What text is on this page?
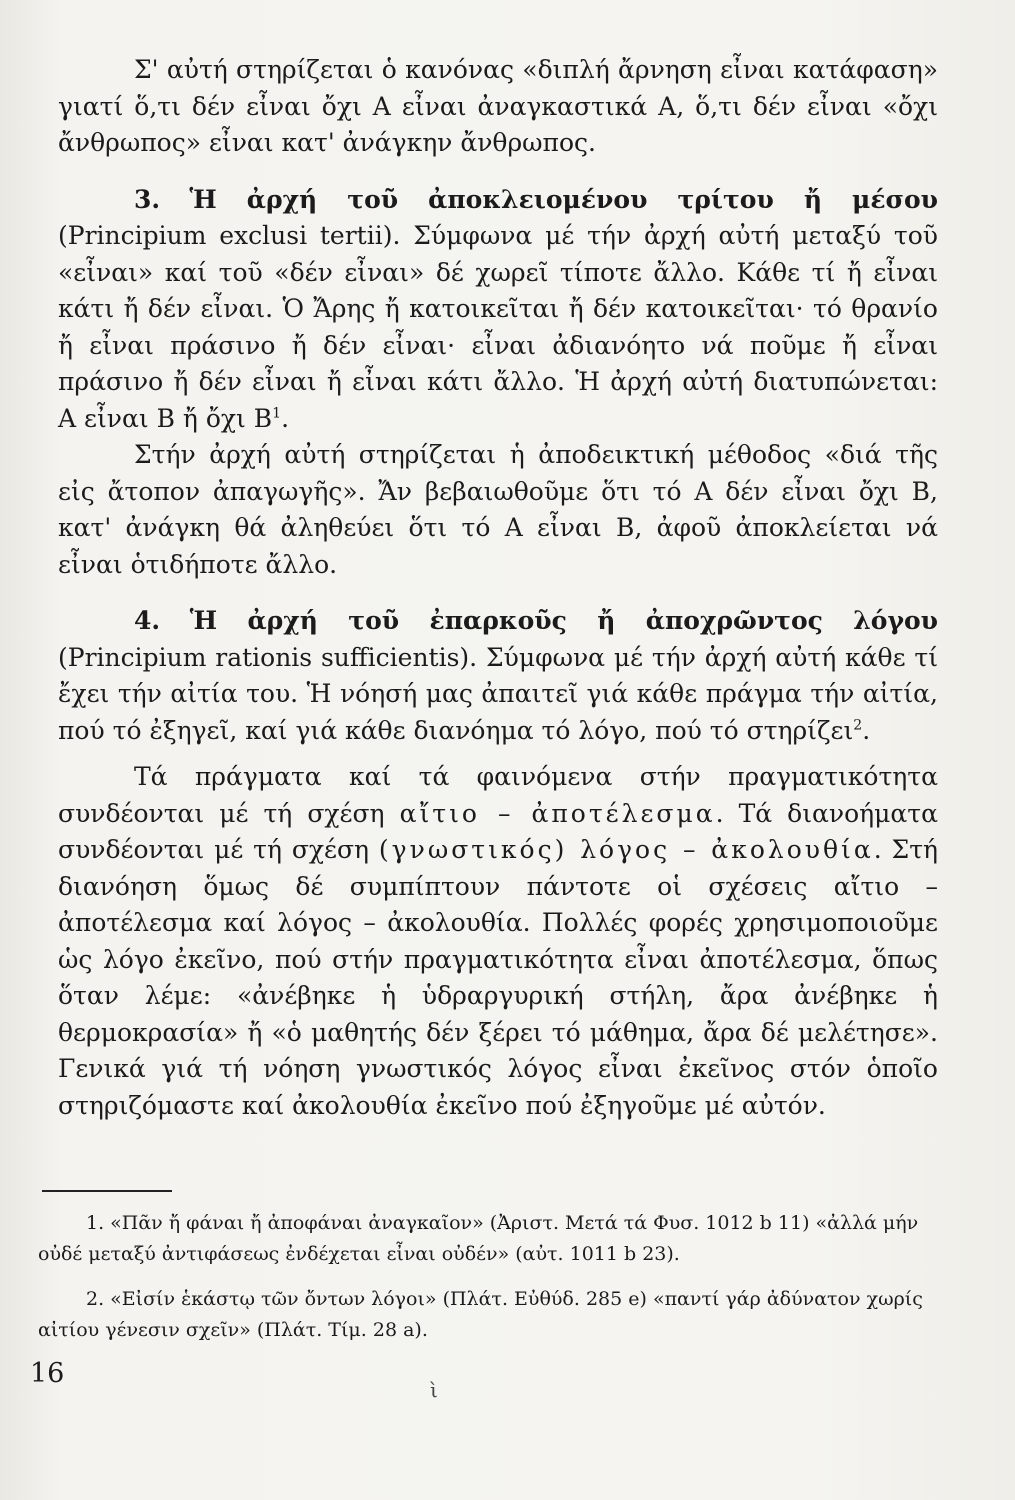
Σ' αὐτή στηρίζεται ὁ κανόνας «διπλή ἄρνηση εἶναι κατάφαση» γιατί ὅ,τι δέν εἶναι ὄχι Α εἶναι ἀναγκαστικά Α, ὅ,τι δέν εἶναι «ὄχι ἄνθρωπος» εἶναι κατ' ἀνάγκην ἄνθρωπος.

3. Ἡ ἀρχή τοῦ ἀποκλειομένου τρίτου ἤ μέσου (Principium exclusi tertii). Σύμφωνα μέ τήν ἀρχή αὐτή μεταξύ τοῦ «εἶναι» καί τοῦ «δέν εἶναι» δέ χωρεῖ τίποτε ἄλλο. Κάθε τί ἤ εἶναι κάτι ἤ δέν εἶναι. Ὁ Ἄρης ἤ κατοικεῖται ἤ δέν κατοικεῖται· τό θρανίο ἤ εἶναι πράσινο ἤ δέν εἶναι· εἶναι ἀδιανόητο νά ποῦμε ἤ εἶναι πράσινο ἤ δέν εἶναι ἤ εἶναι κάτι ἄλλο. Ἡ ἀρχή αὐτή διατυπώνεται: Α εἶναι Β ἤ ὄχι $B^1$.

Στήν ἀρχή αὐτή στηρίζεται ἡ ἀποδεικτική μέθοδος «διά τῆς εἰς ἄτοπον ἀπαγωγῆς». Ἄν βεβαιωθοῦμε ὅτι τό Α δέν εἶναι ὄχι Β, κατ' ἀνάγκη θά ἀληθεύει ὅτι τό Α εἶναι Β, ἀφοῦ ἀποκλείεται νά εἶναι ὁτιδήποτε ἄλλο.

4. Ἡ ἀρχή τοῦ ἐπαρκοῦς ἤ ἀποχρῶντος λόγου (Principium rationis sufficientis). Σύμφωνα μέ τήν ἀρχή αὐτή κάθε τί ἔχει τήν αἰτία του. Ἡ νόησή μας ἀπαιτεῖ γιά κάθε πράγμα τήν αἰτία, πού τό ἐξηγεῖ, καί γιά κάθε διανόημα τό λόγο, πού τό στηρίζει$^2$.

Τά πράγματα καί τά φαινόμενα στήν πραγματικότητα συνδέονται μέ τή σχέση αἴτιο – ἀποτέλεσμα. Τά διανοήματα συνδέονται μέ τή σχέση (γνωστικός) λόγος – ἀκολουθία. Στή διανόηση ὅμως δέ συμπίπτουν πάντοτε οἱ σχέσεις αἴτιο – ἀποτέλεσμα καί λόγος – ἀκολουθία. Πολλές φορές χρησιμοποιοῦμε ὡς λόγο ἐκεῖνο, πού στήν πραγματικότητα εἶναι ἀποτέλεσμα, ὅπως ὅταν λέμε: «ἀνέβηκε ἡ ὑδραργυρική στήλη, ἄρα ἀνέβηκε ἡ θερμοκρασία» ἤ «ὁ μαθητής δέν ξέρει τό μάθημα, ἄρα δέ μελέτησε». Γενικά γιά τή νόηση γνωστικός λόγος εἶναι ἐκεῖνος στόν ὁποῖο στηριζόμαστε καί ἀκολουθία ἐκεῖνο πού ἐξηγοῦμε μέ αὐτόν.

1. «Πᾶν ἤ φάναι ἤ ἀποφάναι ἀναγκαῖον» (Ἀριστ. Μετά τά Φυσ. 1012 b 11) «ἀλλά μήν οὐδέ μεταξύ ἀντιφάσεως ἐνδέχεται εἶναι οὐδέν» (αὐτ. 1011 b 23).

2. «Εἰσίν ἑκάστῳ τῶν ὄντων λόγοι» (Πλάτ. Εὐθύδ. 285 e) «παντί γάρ ἀδύνατον χωρίς αἰτίου γένεσιν σχεῖν» (Πλάτ. Τίμ. 28 a).

16
ὶ
